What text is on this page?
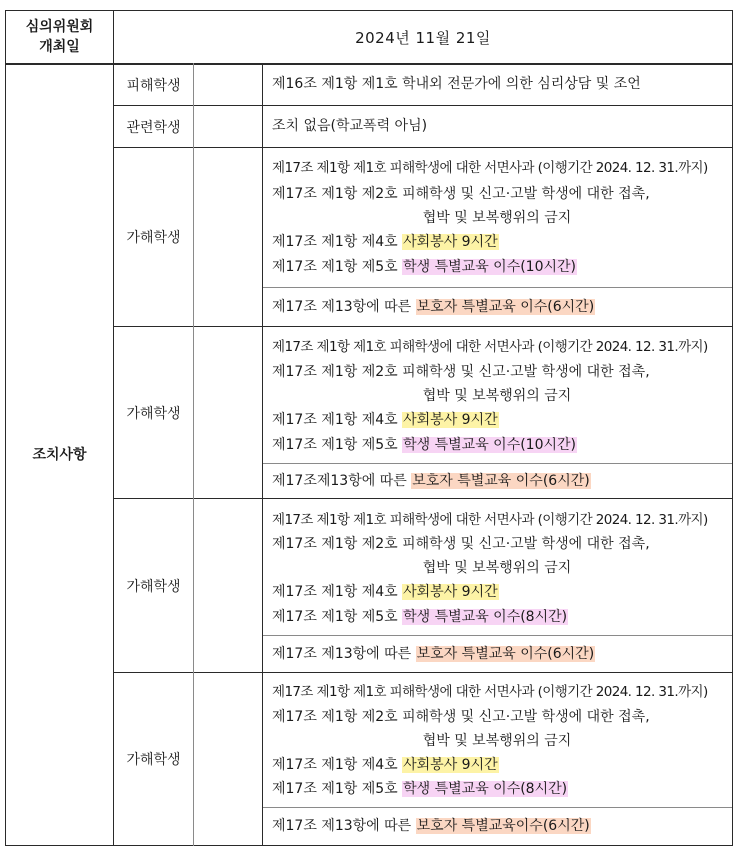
심의위원회
개최일
2024년 11월 21일
조치사항
피해학생	제16조 제1항 제1호 학내외 전문가에 의한 심리상담 및 조언
관련학생	조치 없음(학교폭력 아님)
가해학생
제17조 제1항 제1호 피해학생에 대한 서면사과 (이행기간 2024. 12. 31.까지)
제17조 제1항 제2호 피해학생 및 신고·고발 학생에 대한 접촉,
협박 및 보복행위의 금지
제17조 제1항 제4호 사회봉사 9시간
제17조 제1항 제5호 학생 특별교육 이수(10시간)
제17조 제13항에 따른 보호자 특별교육 이수(6시간)
가해학생
제17조 제1항 제1호 피해학생에 대한 서면사과 (이행기간 2024. 12. 31.까지)
제17조 제1항 제2호 피해학생 및 신고·고발 학생에 대한 접촉,
협박 및 보복행위의 금지
제17조 제1항 제4호 사회봉사 9시간
제17조 제1항 제5호 학생 특별교육 이수(10시간)
제17조제13항에 따른 보호자 특별교육 이수(6시간)
가해학생
제17조 제1항 제1호 피해학생에 대한 서면사과 (이행기간 2024. 12. 31.까지)
제17조 제1항 제2호 피해학생 및 신고·고발 학생에 대한 접촉,
협박 및 보복행위의 금지
제17조 제1항 제4호 사회봉사 9시간
제17조 제1항 제5호 학생 특별교육 이수(8시간)
제17조 제13항에 따른 보호자 특별교육 이수(6시간)
가해학생
제17조 제1항 제1호 피해학생에 대한 서면사과 (이행기간 2024. 12. 31.까지)
제17조 제1항 제2호 피해학생 및 신고·고발 학생에 대한 접촉,
협박 및 보복행위의 금지
제17조 제1항 제4호 사회봉사 9시간
제17조 제1항 제5호 학생 특별교육 이수(8시간)
제17조 제13항에 따른 보호자 특별교육이수(6시간)
